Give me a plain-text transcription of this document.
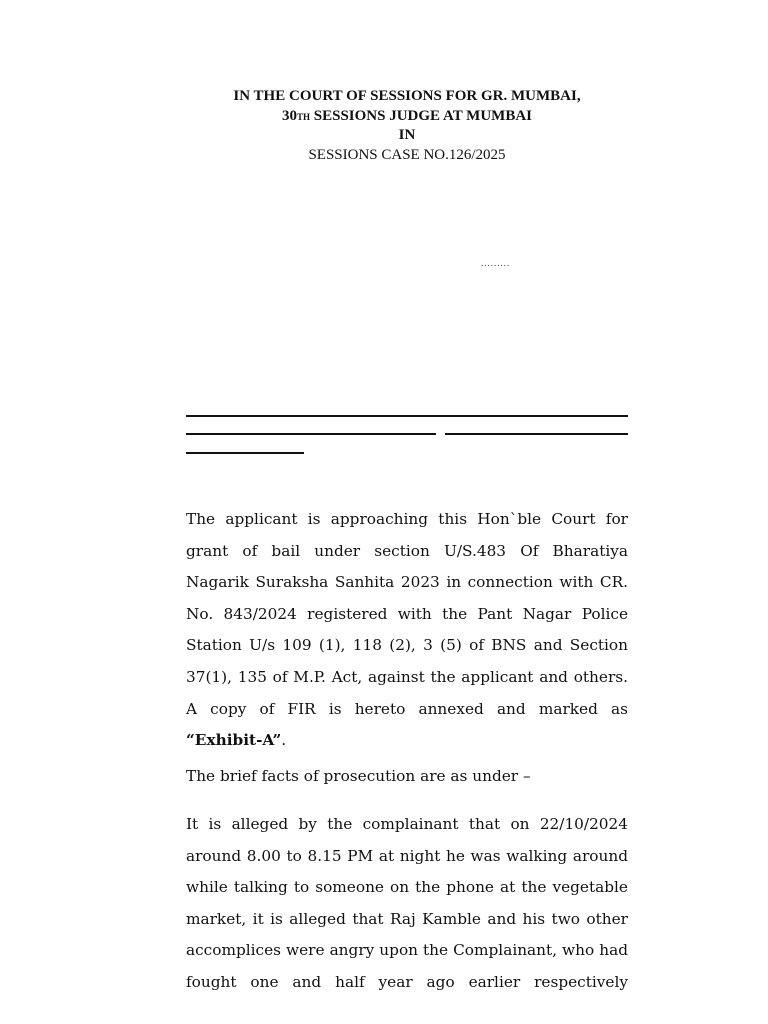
IN THE COURT OF SESSIONS FOR GR. MUMBAI,
30TH SESSIONS JUDGE AT MUMBAI
IN
SESSIONS CASE NO.126/2025
.........

The applicant is approaching this Hon`ble Court for grant of bail under section U/S.483 Of Bharatiya Nagarik Suraksha Sanhita 2023 in connection with CR. No. 843/2024 registered with the Pant Nagar Police Station U/s 109 (1), 118 (2), 3 (5) of BNS and Section 37(1), 135 of M.P. Act, against the applicant and others. A copy of FIR is hereto annexed and marked as “Exhibit-A”.

The brief facts of prosecution are as under –

It is alleged by the complainant that on 22/10/2024 around 8.00 to 8.15 PM at night he was walking around while talking to someone on the phone at the vegetable market, it is alleged that Raj Kamble and his two other accomplices were angry upon the Complainant, who had fought one and half year ago earlier respectively
